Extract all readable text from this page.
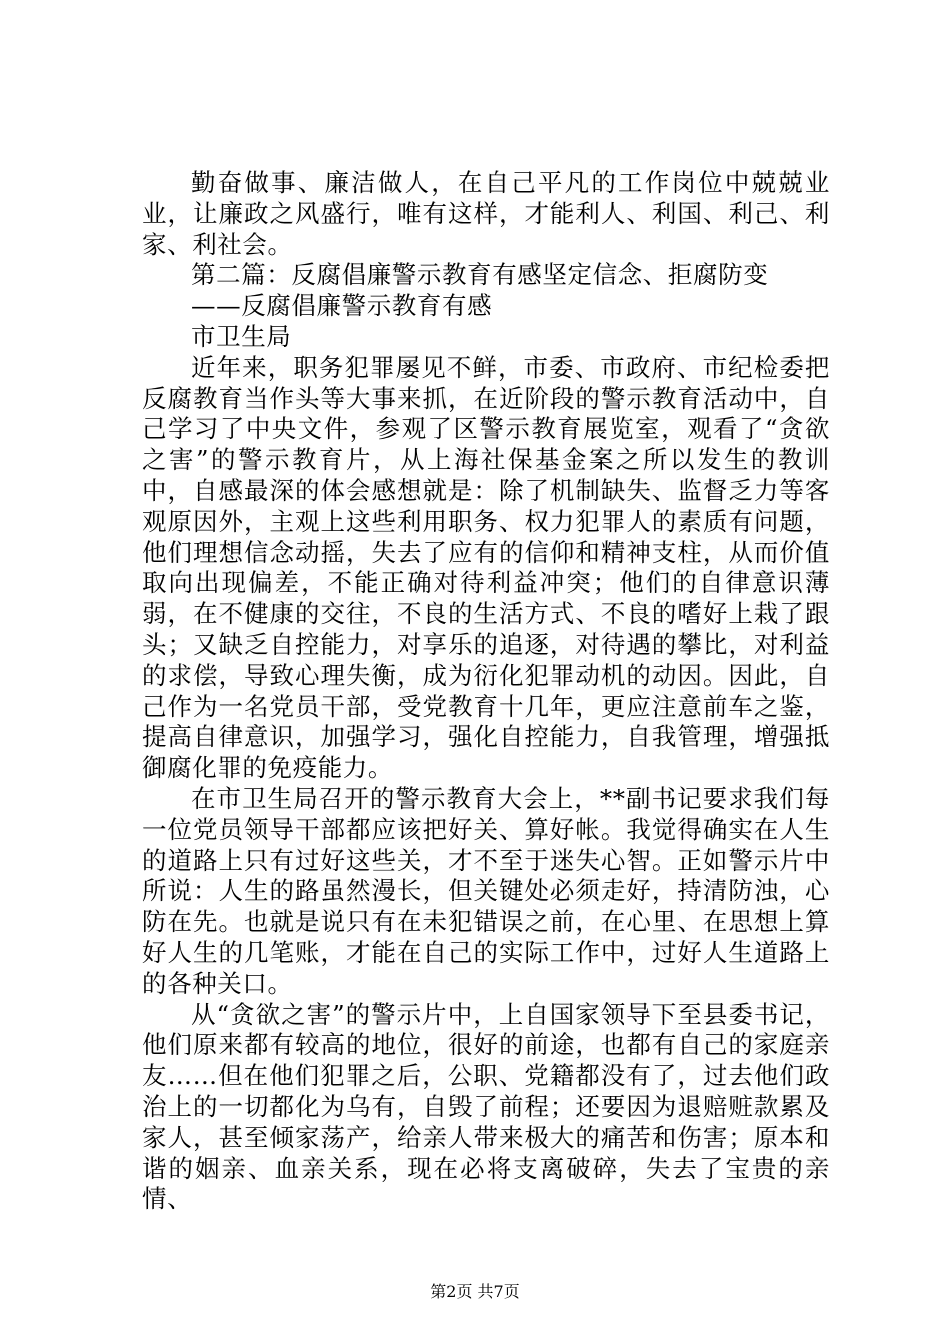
勤奋做事、廉洁做人，在自己平凡的工作岗位中兢兢业业，让廉政之风盛行，唯有这样，才能利人、利国、利己、利家、利社会。

第二篇：反腐倡廉警示教育有感坚定信念、拒腐防变

——反腐倡廉警示教育有感

市卫生局

近年来，职务犯罪屡见不鲜，市委、市政府、市纪检委把反腐教育当作头等大事来抓，在近阶段的警示教育活动中，自己学习了中央文件，参观了区警示教育展览室，观看了“贪欲之害”的警示教育片，从上海社保基金案之所以发生的教训中，自感最深的体会感想就是：除了机制缺失、监督乏力等客观原因外，主观上这些利用职务、权力犯罪人的素质有问题，他们理想信念动摇，失去了应有的信仰和精神支柱，从而价值取向出现偏差，不能正确对待利益冲突；他们的自律意识薄弱，在不健康的交往，不良的生活方式、不良的嗜好上栽了跟头；又缺乏自控能力，对享乐的追逐，对待遇的攀比，对利益的求偿，导致心理失衡，成为衍化犯罪动机的动因。因此，自己作为一名党员干部，受党教育十几年，更应注意前车之鉴，提高自律意识，加强学习，强化自控能力，自我管理，增强抵御腐化罪的免疫能力。

在市卫生局召开的警示教育大会上，**副书记要求我们每一位党员领导干部都应该把好关、算好帐。我觉得确实在人生的道路上只有过好这些关，才不至于迷失心智。正如警示片中所说：人生的路虽然漫长，但关键处必须走好，持清防浊，心防在先。也就是说只有在未犯错误之前，在心里、在思想上算好人生的几笔账，才能在自己的实际工作中，过好人生道路上的各种关口。

从“贪欲之害”的警示片中，上自国家领导下至县委书记，他们原来都有较高的地位，很好的前途，也都有自己的家庭亲友……但在他们犯罪之后，公职、党籍都没有了，过去他们政治上的一切都化为乌有，自毁了前程；还要因为退赔赃款累及家人，甚至倾家荡产，给亲人带来极大的痛苦和伤害；原本和谐的姻亲、血亲关系，现在必将支离破碎，失去了宝贵的亲情、

第2页 共7页
